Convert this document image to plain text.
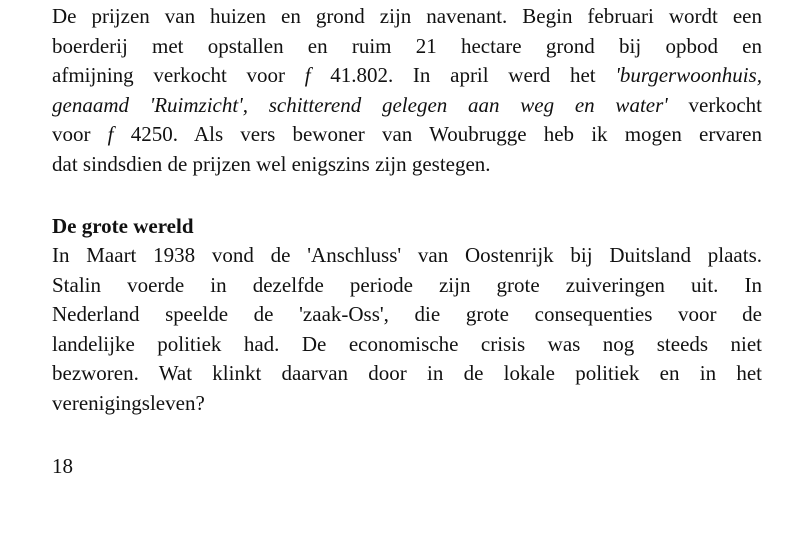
De prijzen van huizen en grond zijn navenant. Begin februari wordt een
boerderij met opstallen en ruim 21 hectare grond bij opbod en
afmijning verkocht voor f 41.802. In april werd het 'burgerwoonhuis,
genaamd 'Ruimzicht', schitterend gelegen aan weg en water' verkocht
voor f 4250. Als vers bewoner van Woubrugge heb ik mogen ervaren
dat sindsdien de prijzen wel enigszins zijn gestegen.
De grote wereld
In Maart 1938 vond de 'Anschluss' van Oostenrijk bij Duitsland plaats.
Stalin voerde in dezelfde periode zijn grote zuiveringen uit. In
Nederland speelde de 'zaak-Oss', die grote consequenties voor de
landelijke politiek had. De economische crisis was nog steeds niet
bezworen. Wat klinkt daarvan door in de lokale politiek en in het
verenigingsleven?

18
